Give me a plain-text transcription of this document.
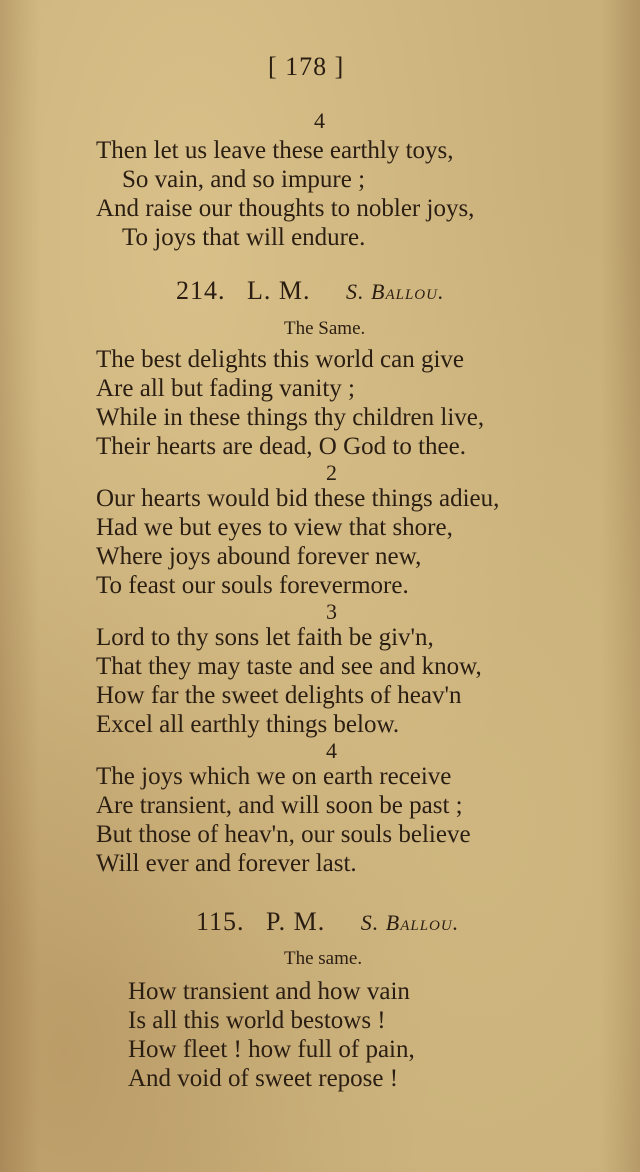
[ 178 ]
4
Then let us leave these earthly toys,
So vain, and so impure ;
And raise our thoughts to nobler joys,
To joys that will endure.
214. L. M. S. Ballou.
The Same.
The best delights this world can give
Are all but fading vanity ;
While in these things thy children live,
Their hearts are dead, O God to thee.
2
Our hearts would bid these things adieu,
Had we but eyes to view that shore,
Where joys abound forever new,
To feast our souls forevermore.
3
Lord to thy sons let faith be giv'n,
That they may taste and see and know,
How far the sweet delights of heav'n
Excel all earthly things below.
4
The joys which we on earth receive
Are transient, and will soon be past ;
But those of heav'n, our souls believe
Will ever and forever last.
115. P. M. S. Ballou.
The same.
How transient and how vain
Is all this world bestows !
How fleet ! how full of pain,
And void of sweet repose !
